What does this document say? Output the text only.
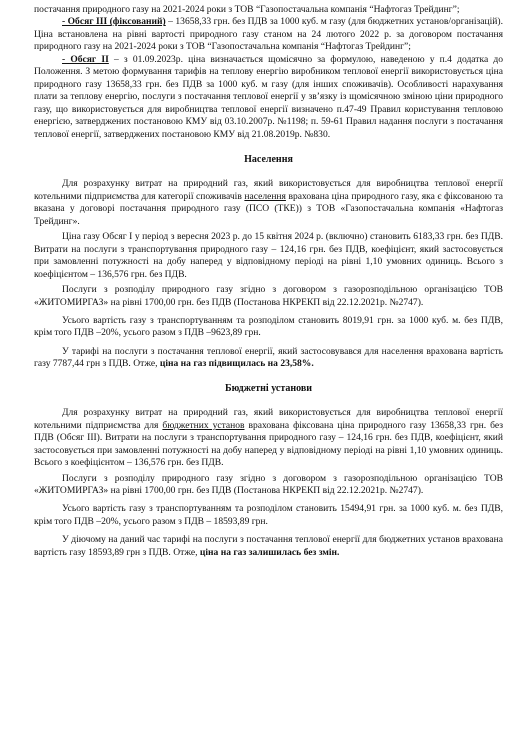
постачання природного газу на 2021-2024 роки з ТОВ “Газопостачальна компанія “Нафтогаз Трейдинг”;

- Обсяг III (фіксований) – 13658,33 грн. без ПДВ за 1000 куб. м газу (для бюджетних установ/організацій). Ціна встановлена на рівні вартості природного газу станом на 24 лютого 2022 р. за договором постачання природного газу на 2021-2024 роки з ТОВ “Газопостачальна компанія “Нафтогаз Трейдинг”;

- Обсяг ІІ – з 01.09.2023р. ціна визначається щомісячно за формулою, наведеною у п.4 додатка до Положення. З метою формування тарифів на теплову енергію виробником теплової енергії використовується ціна природного газу 13658,33 грн. без ПДВ за 1000 куб. м газу (для інших споживачів). Особливості нарахування плати за теплову енергію, послуги з постачання теплової енергії у зв’язку із щомісячною зміною ціни природного газу, що використовується для виробництва теплової енергії визначено п.47-49 Правил користування тепловою енергією, затверджених постановою КМУ від 03.10.2007р. №1198; п. 59-61 Правил надання послуги з постачання теплової енергії, затверджених постановою КМУ від 21.08.2019р. №830.

Населення

Для розрахунку витрат на природний газ, який використовується для виробництва теплової енергії котельними підприємства для категорії споживачів населення врахована ціна природного газу, яка є фіксованою та вказана у договорі постачання природного газу (ПСО (ТКЕ)) з ТОВ «Газопостачальна компанія «Нафтогаз Трейдинг».

Ціна газу Обсяг І у період з вересня 2023 р. до 15 квітня 2024 р. (включно) становить 6183,33 грн. без ПДВ. Витрати на послуги з транспортування природного газу – 124,16 грн. без ПДВ, коефіцієнт, який застосовується при замовленні потужності на добу наперед у відповідному періоді на рівні 1,10 умовних одиниць. Всього з коефіцієнтом – 136,576 грн. без ПДВ.

Послуги з розподілу природного газу згідно з договором з газорозподільною організацією ТОВ «ЖИТОМИРГАЗ» на рівні 1700,00 грн. без ПДВ (Постанова НКРЕКП від 22.12.2021р. №2747).

Усього вартість газу з транспортуванням та розподілом становить 8019,91 грн. за 1000 куб. м. без ПДВ, крім того ПДВ –20%, усього разом з ПДВ –9623,89 грн.

У тарифі на послуги з постачання теплової енергії, який застосовувався для населення врахована вартість газу 7787,44 грн з ПДВ. Отже, ціна на газ підвищилась на 23,58%.

Бюджетні установи

Для розрахунку витрат на природний газ, який використовується для виробництва теплової енергії котельними підприємства для бюджетних установ врахована фіксована ціна природного газу 13658,33 грн. без ПДВ (Обсяг ІІІ). Витрати на послуги з транспортування природного газу – 124,16 грн. без ПДВ, коефіцієнт, який застосовується при замовленні потужності на добу наперед у відповідному періоді на рівні 1,10 умовних одиниць. Всього з коефіцієнтом – 136,576 грн. без ПДВ.

Послуги з розподілу природного газу згідно з договором з газорозподільною організацією ТОВ «ЖИТОМИРГАЗ» на рівні 1700,00 грн. без ПДВ (Постанова НКРЕКП від 22.12.2021р. №2747).

Усього вартість газу з транспортуванням та розподілом становить 15494,91 грн. за 1000 куб. м. без ПДВ, крім того ПДВ –20%, усього разом з ПДВ – 18593,89 грн.

У діючому на даний час тарифі на послуги з постачання теплової енергії для бюджетних установ врахована вартість газу 18593,89 грн з ПДВ. Отже, ціна на газ залишилась без змін.
